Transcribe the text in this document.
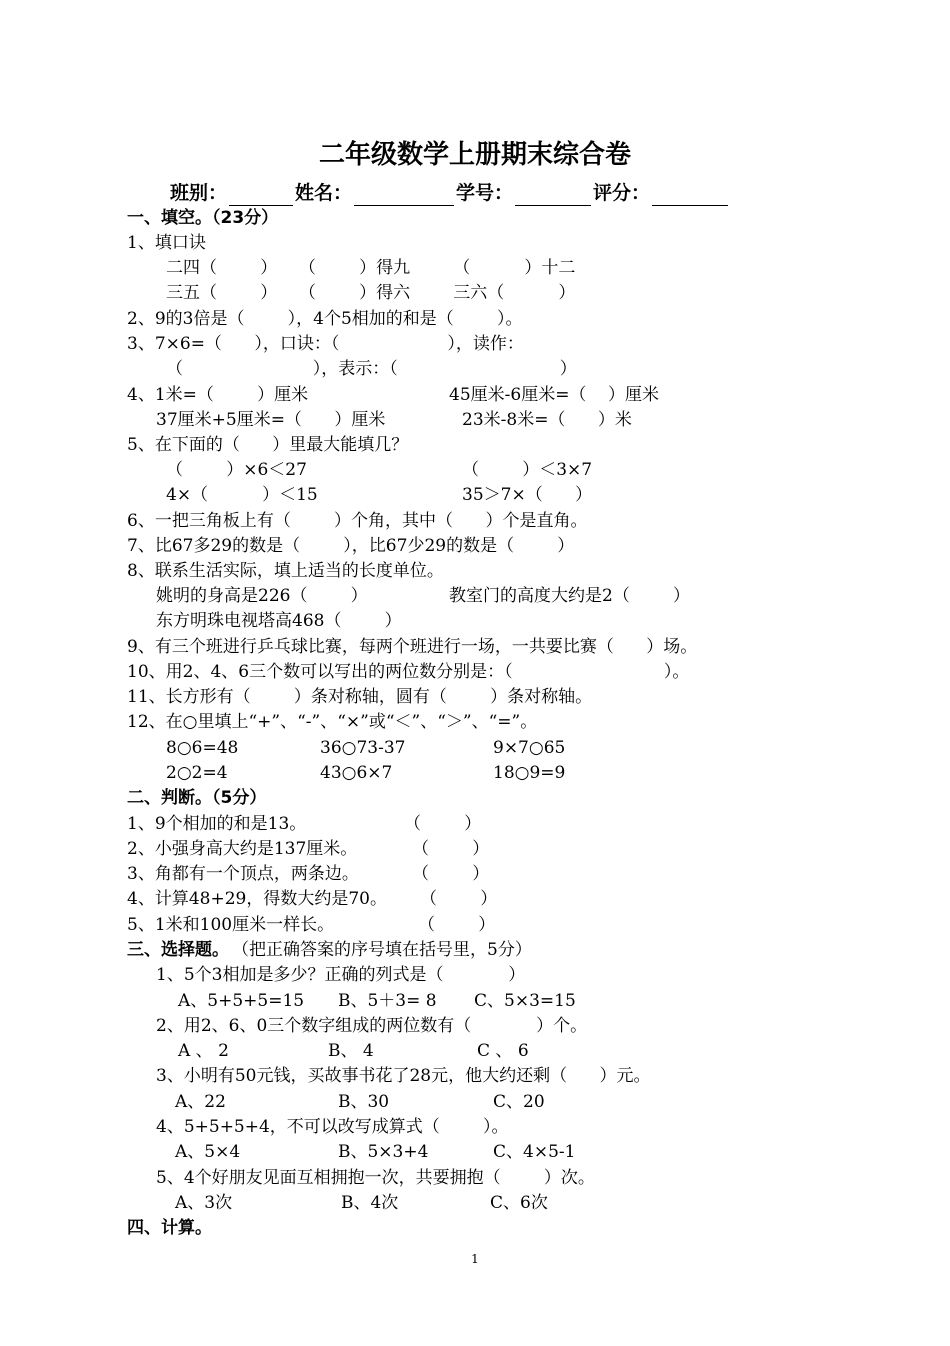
二年级数学上册期末综合卷
班别：	姓名：	学号：	评分：
一、填空。（23分）
1、填口诀
二四（        ）    （        ）得九        （          ）十二
三五（        ）    （        ）得六        三六（          ）
2、9的3倍是（        ），4个5相加的和是（        ）。
3、7×6=（      ），口诀：（                    ），读作：
（                        ），表示：（                              ）
4、1米=（        ）厘米	45厘米-6厘米=（    ）厘米
37厘米+5厘米=（      ）厘米	23米-8米=（      ）米
5、在下面的（      ）里最大能填几？
（        ）×6＜27	（        ）＜3×7
4×（          ）＜15	35＞7×（      ）
6、一把三角板上有（        ）个角，其中（      ）个是直角。
7、比67多29的数是（        ），比67少29的数是（        ）
8、联系生活实际，填上适当的长度单位。
姚明的身高是226（        ）	教室门的高度大约是2（        ）
东方明珠电视塔高468（        ）
9、有三个班进行乒乓球比赛，每两个班进行一场，一共要比赛（      ）场。
10、用2、4、6三个数可以写出的两位数分别是：（                            ）。
11、长方形有（        ）条对称轴，圆有（        ）条对称轴。
12、在○里填上“+”、“-”、“×”或“＜”、“＞”、“=”。
8○6=48	36○73-37	9×7○65
2○2=4	43○6×7	18○9=9
二、判断。（5分）
1、9个相加的和是13。	（        ）
2、小强身高大约是137厘米。	（        ）
3、角都有一个顶点，两条边。	（        ）
4、计算48+29，得数大约是70。 （        ）
5、1米和100厘米一样长。	（        ）
三、选择题。 （把正确答案的序号填在括号里，5分）
1、5个3相加是多少？正确的列式是（            ）
A、5+5+5=15 B、5＋3= 8 C、5×3=15
2、用2、6、0三个数字组成的两位数有（            ）个。
A 、 2	B、 4	C 、 6
3、小明有50元钱，买故事书花了28元，他大约还剩（      ）元。
A、22	B、30	C、20
4、5+5+5+4，不可以改写成算式（        ）。
A、5×4	B、5×3+4	C、4×5-1
5、4个好朋友见面互相拥抱一次，共要拥抱（        ）次。
A、3次	B、4次	C、6次
四、计算。
1
